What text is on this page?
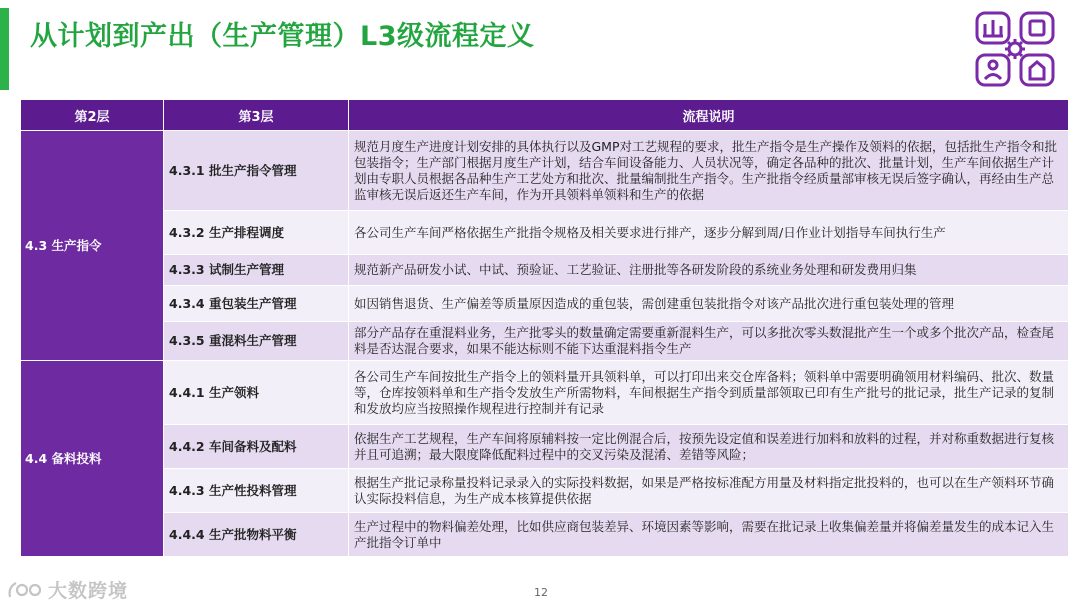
从计划到产出（生产管理）L3级流程定义
第2层	第3层	流程说明
4.3 生产指令	4.3.1 批生产指令管理	规范月度生产进度计划安排的具体执行以及GMP对工艺规程的要求，批生产指令是生产操作及领料的依据，包括批生产指令和批包装指令；生产部门根据月度生产计划，结合车间设备能力、人员状况等，确定各品种的批次、批量计划，生产车间依据生产计划由专职人员根据各品种生产工艺处方和批次、批量编制批生产指令。生产批指令经质量部审核无误后签字确认，再经由生产总监审核无误后返还生产车间，作为开具领料单领料和生产的依据
	4.3.2 生产排程调度	各公司生产车间严格依据生产批指令规格及相关要求进行排产，逐步分解到周/日作业计划指导车间执行生产
	4.3.3 试制生产管理	规范新产品研发小试、中试、预验证、工艺验证、注册批等各研发阶段的系统业务处理和研发费用归集
	4.3.4 重包装生产管理	如因销售退货、生产偏差等质量原因造成的重包装，需创建重包装批指令对该产品批次进行重包装处理的管理
	4.3.5 重混料生产管理	部分产品存在重混料业务，生产批零头的数量确定需要重新混料生产，可以多批次零头数混批产生一个或多个批次产品，检查尾料是否达混合要求，如果不能达标则不能下达重混料指令生产
4.4 备料投料	4.4.1 生产领料	各公司生产车间按批生产指令上的领料量开具领料单，可以打印出来交仓库备料；领料单中需要明确领用材料编码、批次、数量等，仓库按领料单和生产指令发放生产所需物料，车间根据生产指令到质量部领取已印有生产批号的批记录，批生产记录的复制和发放均应当按照操作规程进行控制并有记录
	4.4.2 车间备料及配料	依据生产工艺规程，生产车间将原辅料按一定比例混合后，按预先设定值和误差进行加料和放料的过程，并对称重数据进行复核并且可追溯；最大限度降低配料过程中的交叉污染及混淆、差错等风险；
	4.4.3 生产性投料管理	根据生产批记录称量投料记录录入的实际投料数据，如果是严格按标准配方用量及材料指定批投料的，也可以在生产领料环节确认实际投料信息，为生产成本核算提供依据
	4.4.4 生产批物料平衡	生产过程中的物料偏差处理，比如供应商包装差异、环境因素等影响，需要在批记录上收集偏差量并将偏差量发生的成本记入生产批指令订单中
大数跨境	12
